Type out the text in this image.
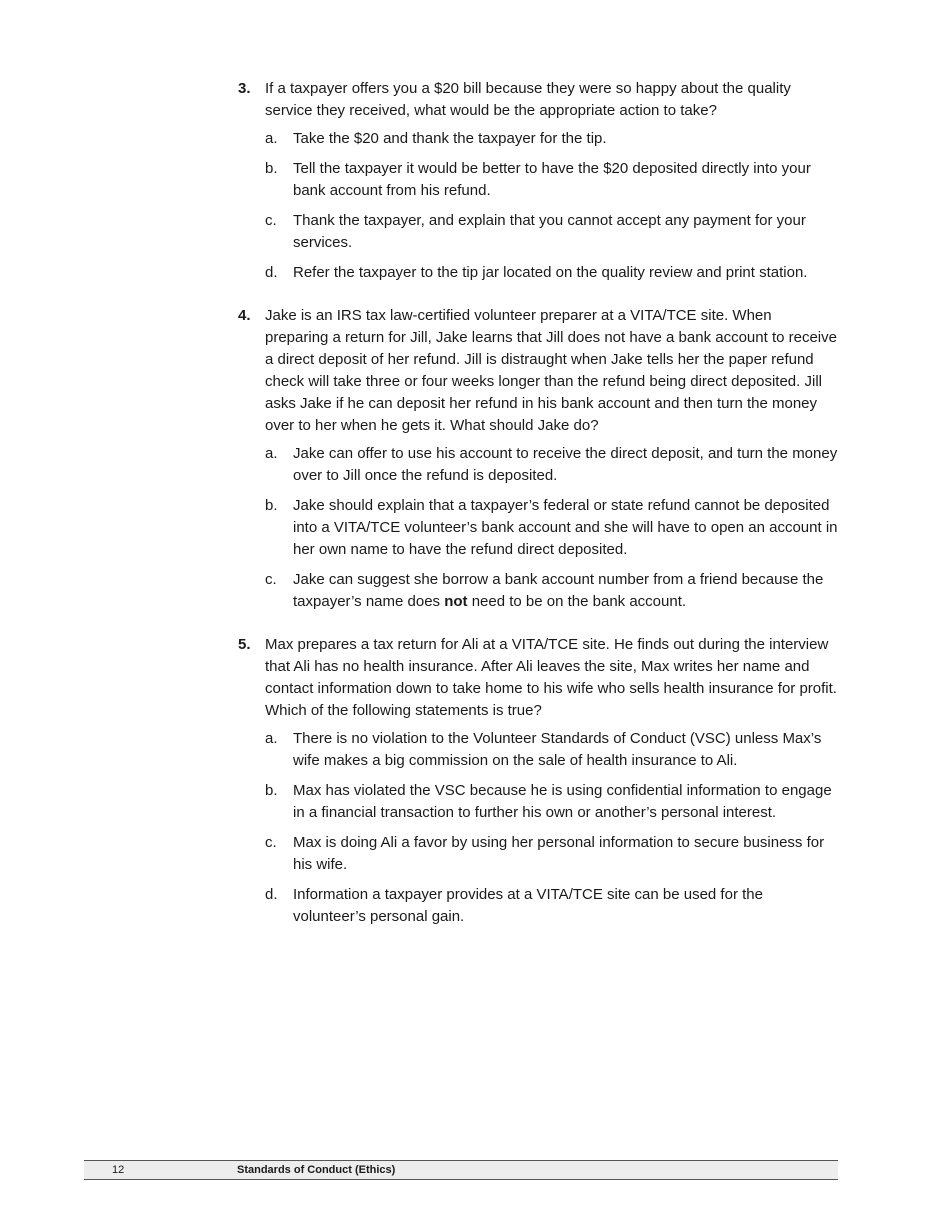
3. If a taxpayer offers you a $20 bill because they were so happy about the quality service they received, what would be the appropriate action to take?
a.	Take the $20 and thank the taxpayer for the tip.
b.	Tell the taxpayer it would be better to have the $20 deposited directly into your bank account from his refund.
c.	Thank the taxpayer, and explain that you cannot accept any payment for your services.
d.	Refer the taxpayer to the tip jar located on the quality review and print station.
4. Jake is an IRS tax law-certified volunteer preparer at a VITA/TCE site. When preparing a return for Jill, Jake learns that Jill does not have a bank account to receive a direct deposit of her refund. Jill is distraught when Jake tells her the paper refund check will take three or four weeks longer than the refund being direct deposited. Jill asks Jake if he can deposit her refund in his bank account and then turn the money over to her when he gets it. What should Jake do?
a.	Jake can offer to use his account to receive the direct deposit, and turn the money over to Jill once the refund is deposited.
b.	Jake should explain that a taxpayer’s federal or state refund cannot be deposited into a VITA/TCE volunteer’s bank account and she will have to open an account in her own name to have the refund direct deposited.
c.	Jake can suggest she borrow a bank account number from a friend because the taxpayer’s name does not need to be on the bank account.
5. Max prepares a tax return for Ali at a VITA/TCE site. He finds out during the interview that Ali has no health insurance. After Ali leaves the site, Max writes her name and contact information down to take home to his wife who sells health insurance for profit. Which of the following statements is true?
a.	There is no violation to the Volunteer Standards of Conduct (VSC) unless Max’s wife makes a big commission on the sale of health insurance to Ali.
b.	Max has violated the VSC because he is using confidential information to engage in a financial transaction to further his own or another’s personal interest.
c.	Max is doing Ali a favor by using her personal information to secure business for his wife.
d.	Information a taxpayer provides at a VITA/TCE site can be used for the volunteer’s personal gain.
12	Standards of Conduct (Ethics)
